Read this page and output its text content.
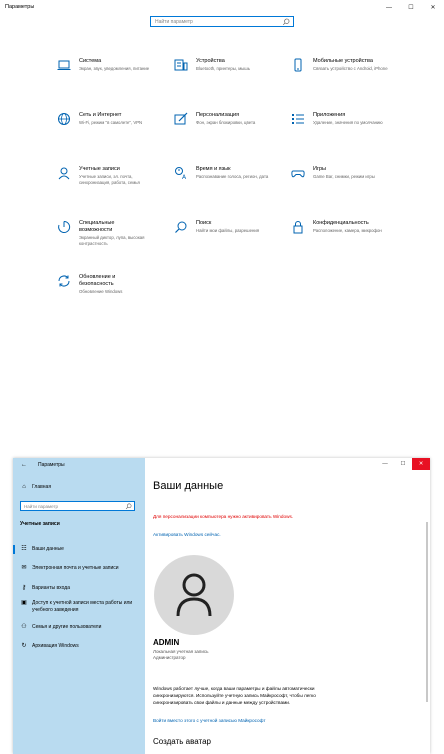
Параметры	—	☐	✕
Найти параметр
Система
Экран, звук, уведомления, питание
Устройства
Bluetooth, принтеры, мышь
Мобильные устройства
Связать устройство с Android, iPhone
Сеть и Интернет
Wi-Fi, режим "в самолете", VPN
Персонализация
Фон, экран блокировки, цвета
Приложения
Удаление, значения по умолчанию
Учетные записи
Учетные записи, эл. почта, синхронизация, работа, семья
A
Время и язык
Распознавание голоса, регион, дата
Игры
Game Bar, снимки, режим игры
Специальные возможности
Экранный диктор, лупа, высокая контрастность
Поиск
Найти мои файлы, разрешения
Конфиденциальность
Расположение, камера, микрофон
Обновление и безопасность
Обновление Windows
⌂ Главная
Найти параметр
Учетные записи
☷ Ваши данные
✉ Электронная почта и учетные записи
⚷ Варианты входа
▣ Доступ к учетной записи места работы или учебного заведения
⚇ Семья и другие пользователи
↻ Архивация Windows
← Параметры	—	☐	✕
Ваши данные
Для персонализации компьютера нужно активировать Windows.
Активировать Windows сейчас.
ADMIN
Локальная учетная запись
Администратор
Windows работает лучше, когда ваши параметры и файлы автоматически синхронизируются. Используйте учетную запись Майкрософт, чтобы легко синхронизировать свои файлы и данные между устройствами.
Войти вместо этого с учетной записью Майкрософт
Создать аватар
